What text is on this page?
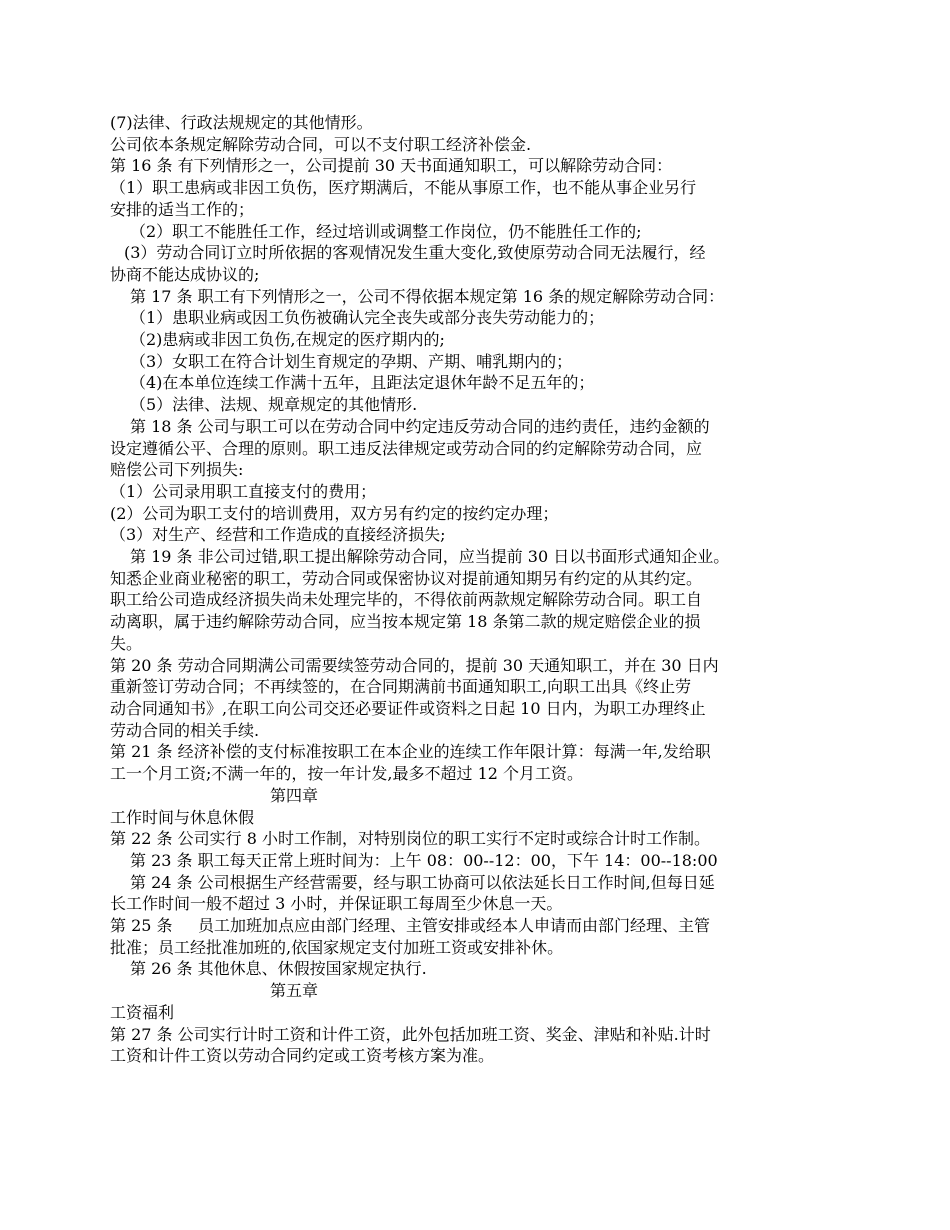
(7)法律、行政法规规定的其他情形。
公司依本条规定解除劳动合同，可以不支付职工经济补偿金.
第 16 条 有下列情形之一，公司提前 30 天书面通知职工，可以解除劳动合同：
（1）职工患病或非因工负伤，医疗期满后，不能从事原工作，也不能从事企业另行
安排的适当工作的；
（2）职工不能胜任工作，经过培训或调整工作岗位，仍不能胜任工作的;
(3）劳动合同订立时所依据的客观情况发生重大变化,致使原劳动合同无法履行，经
协商不能达成协议的;
第 17 条 职工有下列情形之一，公司不得依据本规定第 16 条的规定解除劳动合同：
（1）患职业病或因工负伤被确认完全丧失或部分丧失劳动能力的；
（2)患病或非因工负伤,在规定的医疗期内的;
（3）女职工在符合计划生育规定的孕期、产期、哺乳期内的；
（4)在本单位连续工作满十五年，且距法定退休年龄不足五年的；
（5）法律、法规、规章规定的其他情形.
第 18 条 公司与职工可以在劳动合同中约定违反劳动合同的违约责任，违约金额的
设定遵循公平、合理的原则。职工违反法律规定或劳动合同的约定解除劳动合同，应
赔偿公司下列损失:
（1）公司录用职工直接支付的费用；
(2）公司为职工支付的培训费用，双方另有约定的按约定办理；
（3）对生产、经营和工作造成的直接经济损失;
第 19 条 非公司过错,职工提出解除劳动合同，应当提前 30 日以书面形式通知企业。
知悉企业商业秘密的职工，劳动合同或保密协议对提前通知期另有约定的从其约定。
职工给公司造成经济损失尚未处理完毕的，不得依前两款规定解除劳动合同。职工自
动离职，属于违约解除劳动合同，应当按本规定第 18 条第二款的规定赔偿企业的损
失。
第 20 条 劳动合同期满公司需要续签劳动合同的，提前 30 天通知职工，并在 30 日内
重新签订劳动合同；不再续签的，在合同期满前书面通知职工,向职工出具《终止劳
动合同通知书》,在职工向公司交还必要证件或资料之日起 10 日内，为职工办理终止
劳动合同的相关手续.
第 21 条 经济补偿的支付标准按职工在本企业的连续工作年限计算：每满一年,发给职
工一个月工资;不满一年的，按一年计发,最多不超过 12 个月工资。
第四章
工作时间与休息休假
第 22 条 公司实行 8 小时工作制，对特别岗位的职工实行不定时或综合计时工作制。
第 23 条 职工每天正常上班时间为：上午 08：00--12：00，下午 14：00--18:00
第 24 条 公司根据生产经营需要，经与职工协商可以依法延长日工作时间,但每日延
长工作时间一般不超过 3 小时，并保证职工每周至少休息一天。
第 25 条     员工加班加点应由部门经理、主管安排或经本人申请而由部门经理、主管
批准；员工经批准加班的,依国家规定支付加班工资或安排补休。
第 26 条 其他休息、休假按国家规定执行.
第五章
工资福利
第 27 条 公司实行计时工资和计件工资，此外包括加班工资、奖金、津贴和补贴.计时
工资和计件工资以劳动合同约定或工资考核方案为准。
